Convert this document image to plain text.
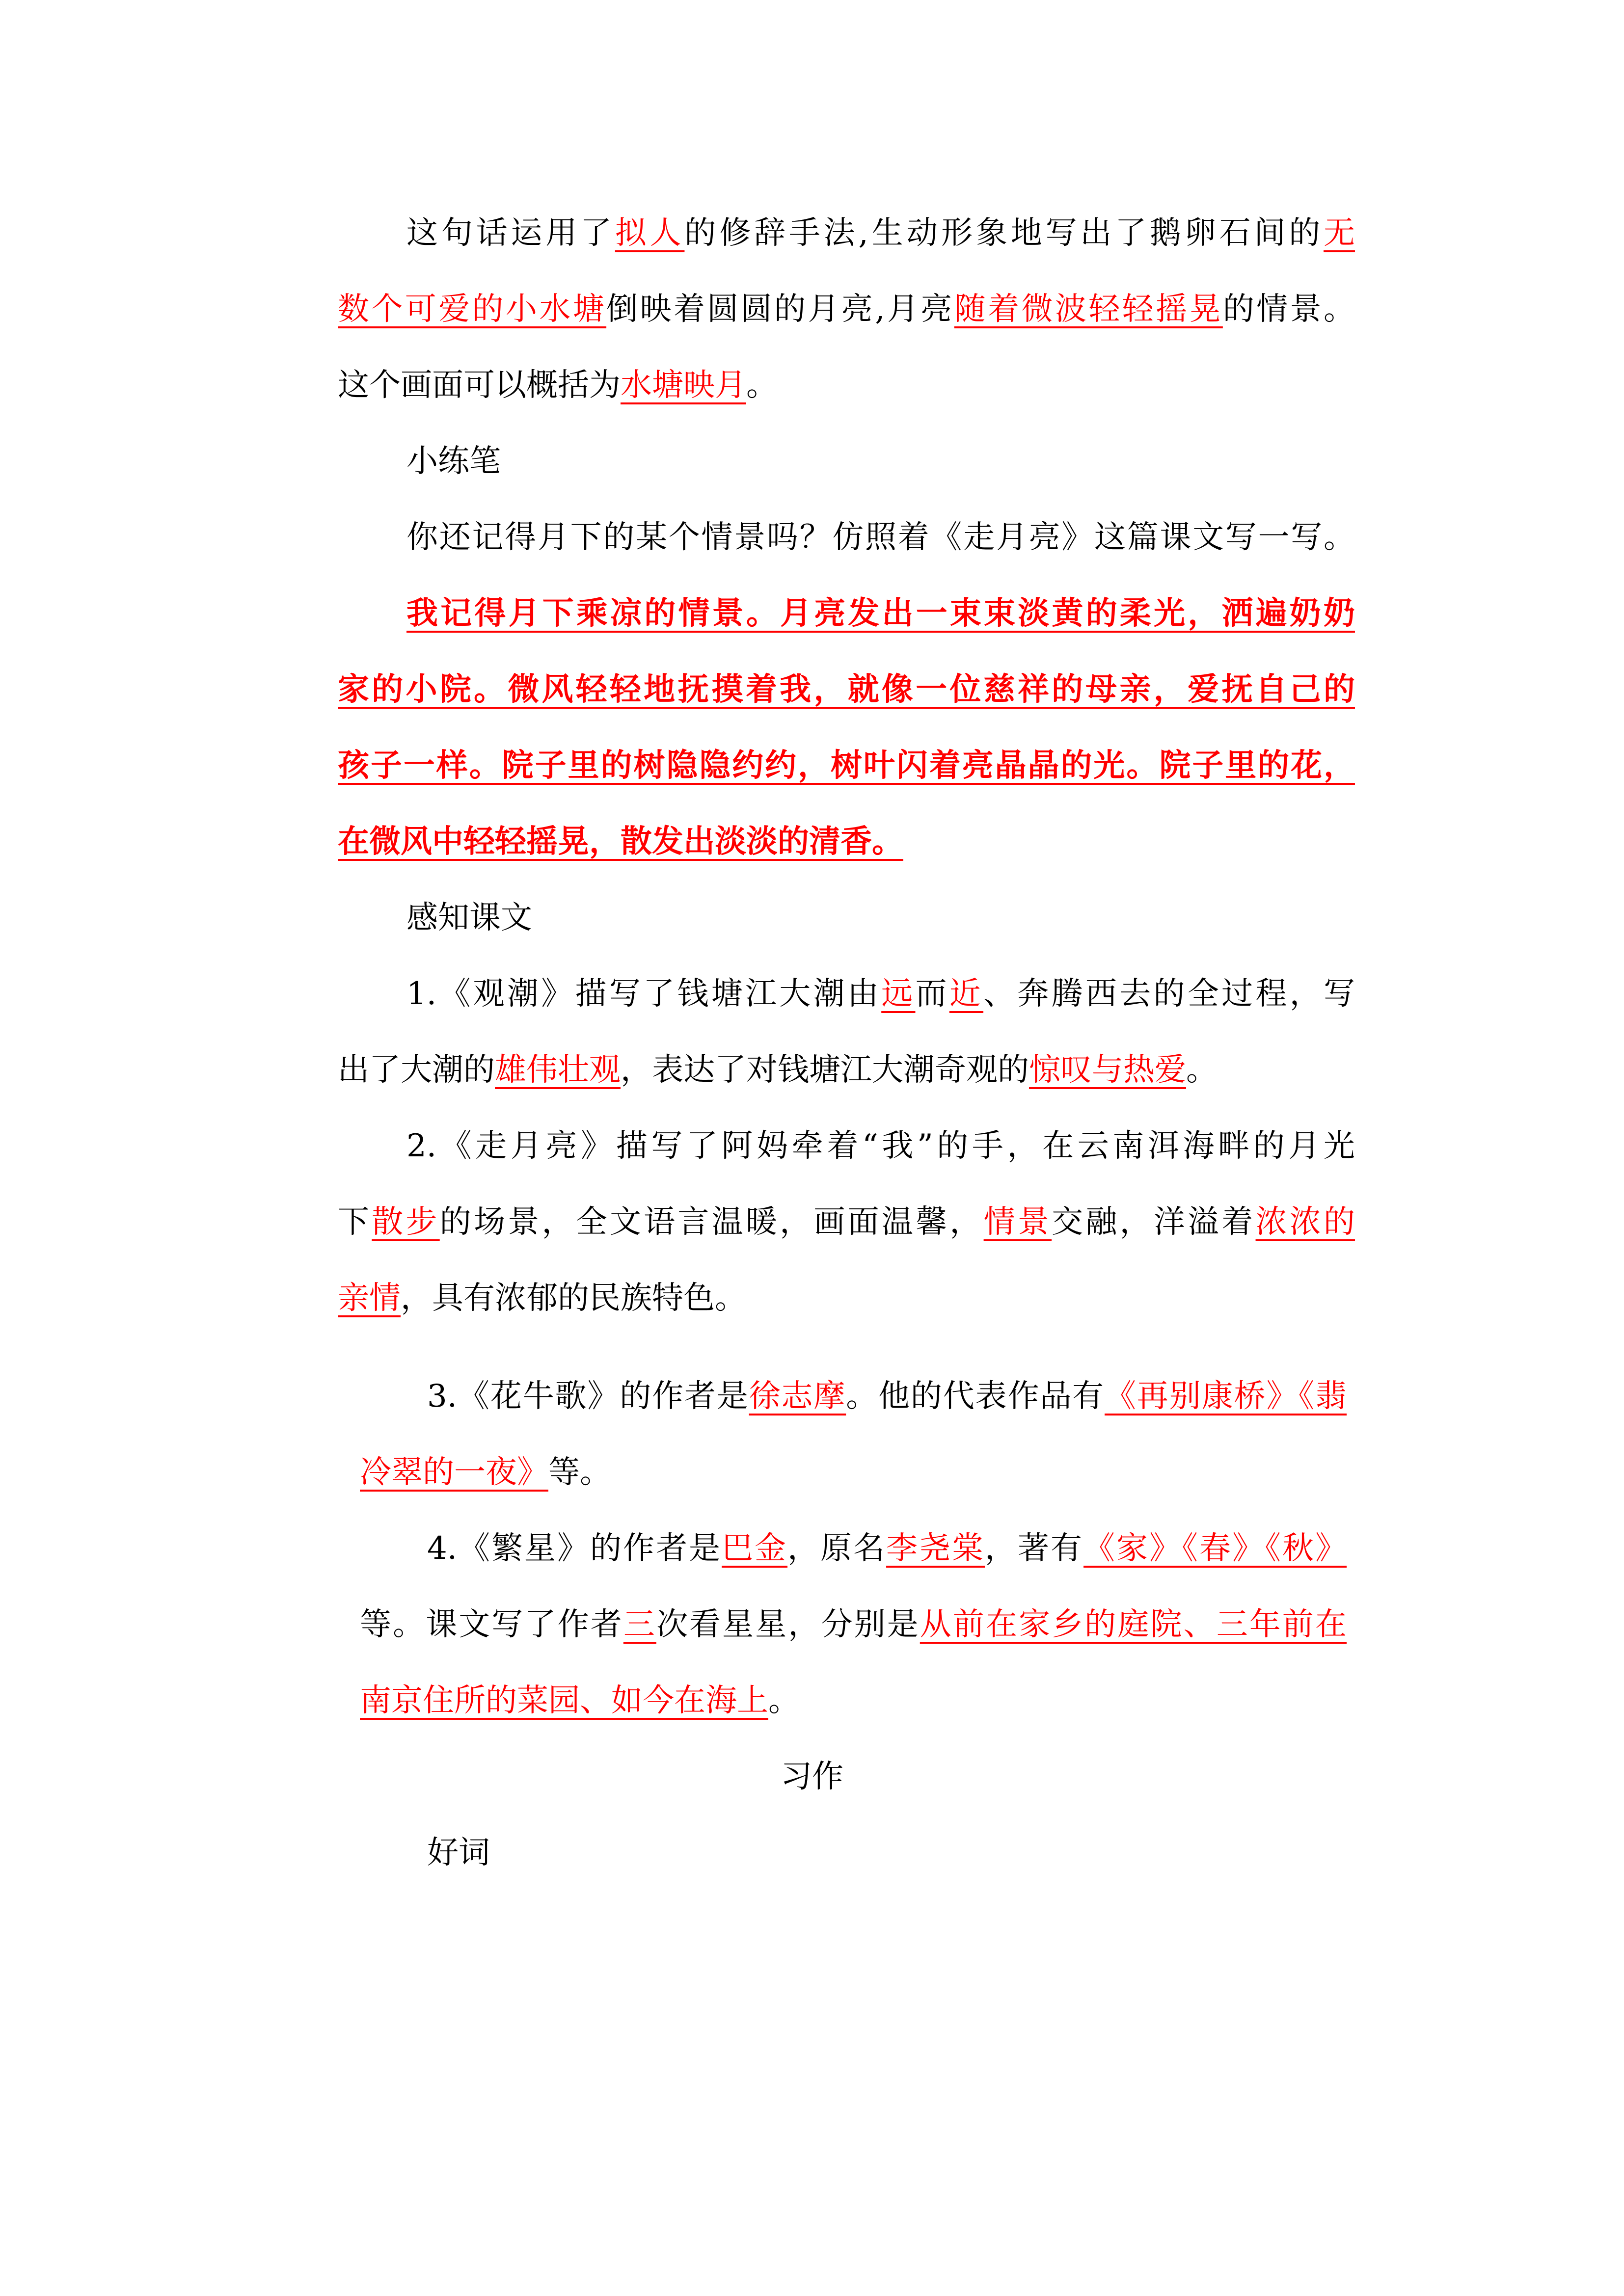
这句话运用了拟人的修辞手法,生动形象地写出了鹅卵石间的无
数个可爱的小水塘倒映着圆圆的月亮,月亮随着微波轻轻摇晃的情景。
这个画面可以概括为水塘映月。
小练笔
你还记得月下的某个情景吗？仿照着《走月亮》这篇课文写一写。
我记得月下乘凉的情景。月亮发出一束束淡黄的柔光，洒遍奶奶
家的小院。微风轻轻地抚摸着我，就像一位慈祥的母亲，爱抚自己的
孩子一样。院子里的树隐隐约约，树叶闪着亮晶晶的光。院子里的花，
在微风中轻轻摇晃，散发出淡淡的清香。
感知课文
1.《观潮》描写了钱塘江大潮由远而近、奔腾西去的全过程，写
出了大潮的雄伟壮观，表达了对钱塘江大潮奇观的惊叹与热爱。
2.《走月亮》描写了阿妈牵着“我”的手，在云南洱海畔的月光
下散步的场景，全文语言温暖，画面温馨，情景交融，洋溢着浓浓的
亲情，具有浓郁的民族特色。
3.《花牛歌》的作者是徐志摩。他的代表作品有《再别康桥》《翡
冷翠的一夜》等。
4.《繁星》的作者是巴金，原名李尧棠，著有《家》《春》《秋》
等。课文写了作者三次看星星，分别是从前在家乡的庭院、三年前在
南京住所的菜园、如今在海上。
习作
好词
